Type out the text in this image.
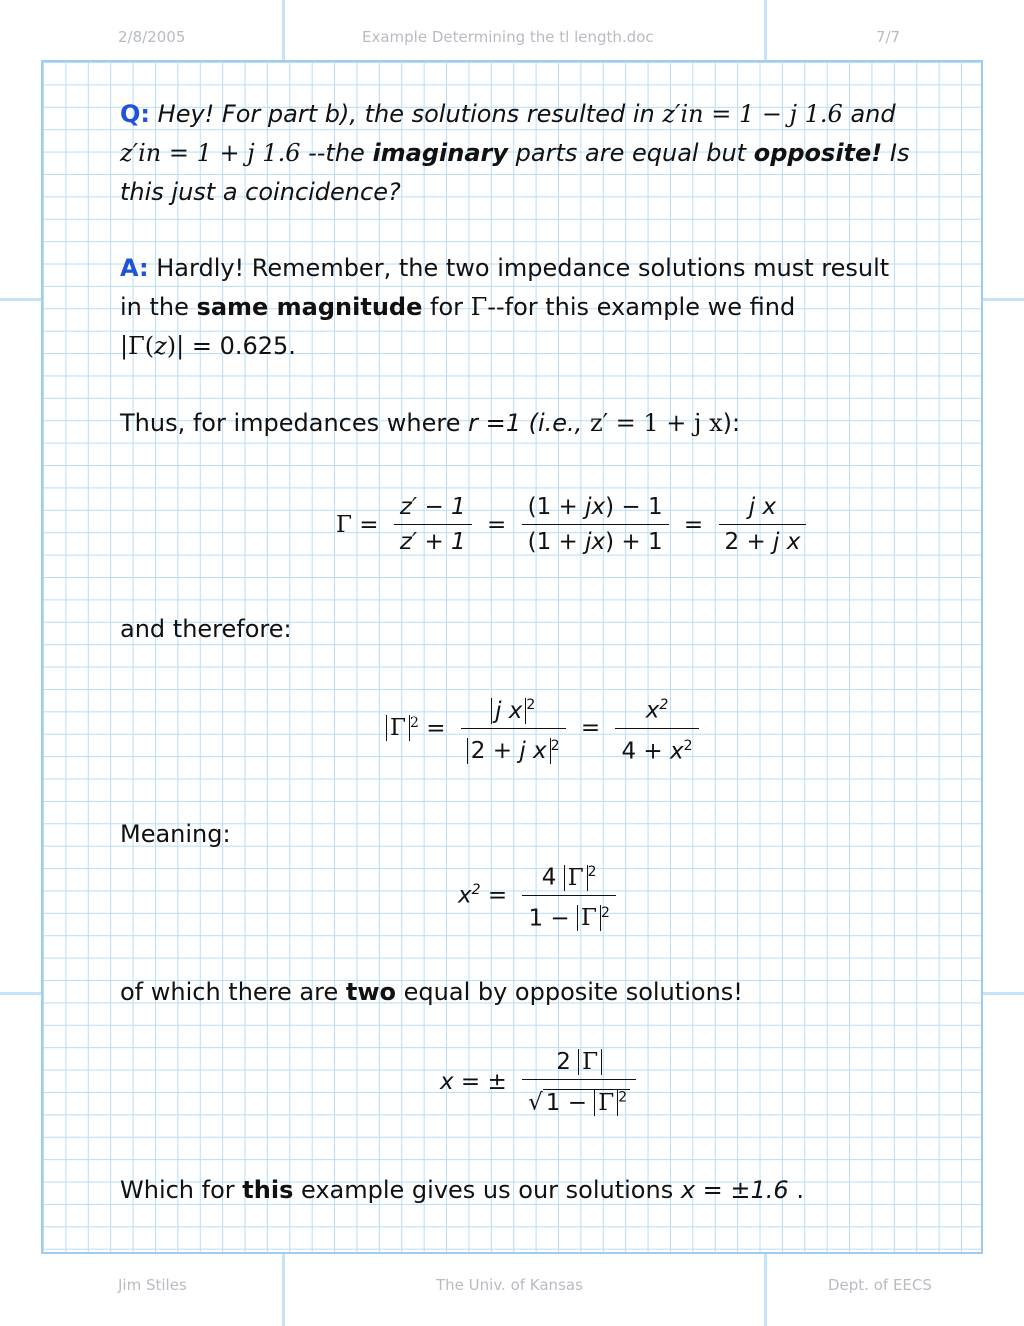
2/8/2005	Example Determining the tl length.doc	7/7

Q: Hey! For part b), the solutions resulted in z′in = 1 − j 1.6 and
z′in = 1 + j 1.6 --the imaginary parts are equal but opposite! Is
this just a coincidence?

A: Hardly! Remember, the two impedance solutions must result
in the same magnitude for Γ--for this example we find
|Γ(z)| = 0.625.

Thus, for impedances where r =1 (i.e., z′ = 1 + j x):

$\Gamma = \frac{z' - 1}{z' + 1} = \frac{(1 + jx) - 1}{(1 + jx) + 1} = \frac{\text{j x}}{\text{2 + j x}}$
and therefore:
Γ $^2 = \frac{j x ^2}{2 + j x ^2} = \frac{x^2}{4 + x^2}$
Meaning:
$x^2 = \frac{4 \Gamma ^2}{1 - \Gamma ^2}$
of which there are two equal by opposite solutions!
x = ± $\frac{2 \Gamma}{√ 1 - \Gamma ^2}$
Which for this example gives us our solutions x = ±1.6 .
Jim Stiles	The Univ. of Kansas	Dept. of EECS
